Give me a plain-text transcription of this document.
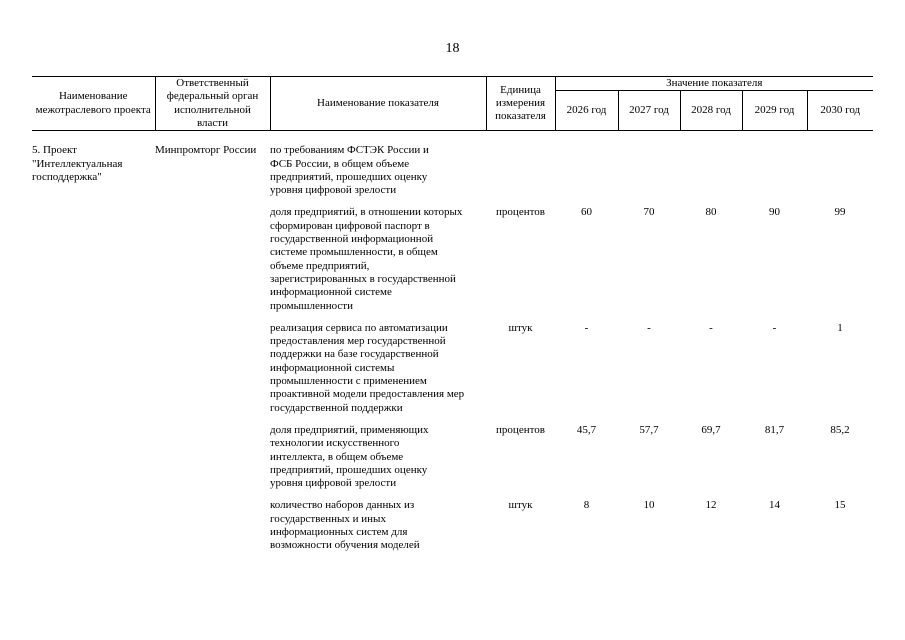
18
Наименование межотраслевого проекта	Ответственный федеральный орган исполнительной власти	Наименование показателя	Единица измерения показателя	Значение показателя				
				2026 год	2027 год	2028 год	2029 год	2030 год

5. Проект "Интеллектуальная господдержка"	Минпромторг России	по требованиям ФСТЭК России и ФСБ России, в общем объеме предприятий, прошедших оценку уровня цифровой зрелости						

		доля предприятий, в отношении которых сформирован цифровой паспорт в государственной информационной системе промышленности, в общем объеме предприятий, зарегистрированных в государственной информационной системе промышленности	процентов	60	70	80	90	99

		реализация сервиса по автоматизации предоставления мер государственной поддержки на базе государственной информационной системы промышленности с применением проактивной модели предоставления мер государственной поддержки	штук	-	-	-	-	1

		доля предприятий, применяющих технологии искусственного интеллекта, в общем объеме предприятий, прошедших оценку уровня цифровой зрелости	процентов	45,7	57,7	69,7	81,7	85,2

		количество наборов данных из государственных и иных информационных систем для возможности обучения моделей	штук	8	10	12	14	15
